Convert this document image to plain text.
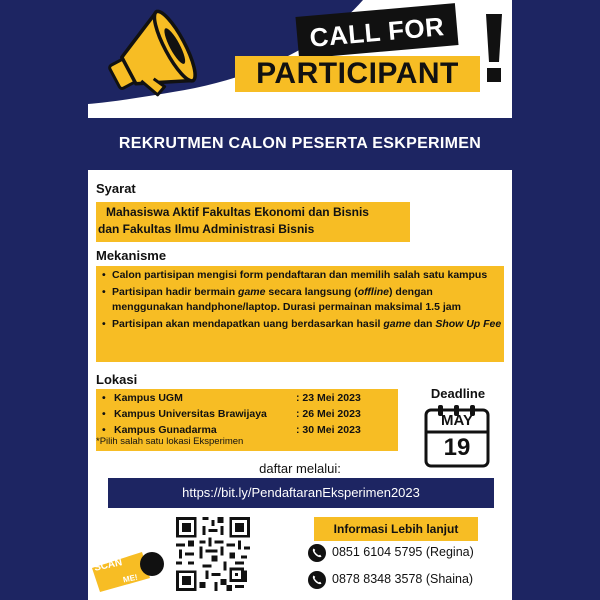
CALL FOR
PARTICIPANT
REKRUTMEN CALON PESERTA ESKPERIMEN
Syarat
Mahasiswa Aktif Fakultas Ekonomi dan Bisnis
dan Fakultas Ilmu Administrasi Bisnis
Mekanisme
• Calon partisipan mengisi form pendaftaran dan memilih salah satu kampus
• Partisipan hadir bermain game secara langsung (offline) dengan menggunakan handphone/laptop. Durasi permainan maksimal 1.5 jam
• Partisipan akan mendapatkan uang berdasarkan hasil game dan Show Up Fee
Lokasi
• Kampus UGM	: 23 Mei 2023
• Kampus Universitas Brawijaya	: 26 Mei 2023
• Kampus Gunadarma	: 30 Mei 2023
*Pilih salah satu lokasi Eksperimen
Deadline
MAY
19
daftar melalui:
https://bit.ly/PendaftaranEksperimen2023
SCAN
ME!
Informasi Lebih lanjut
0851 6104 5795 (Regina)
0878 8348 3578 (Shaina)
